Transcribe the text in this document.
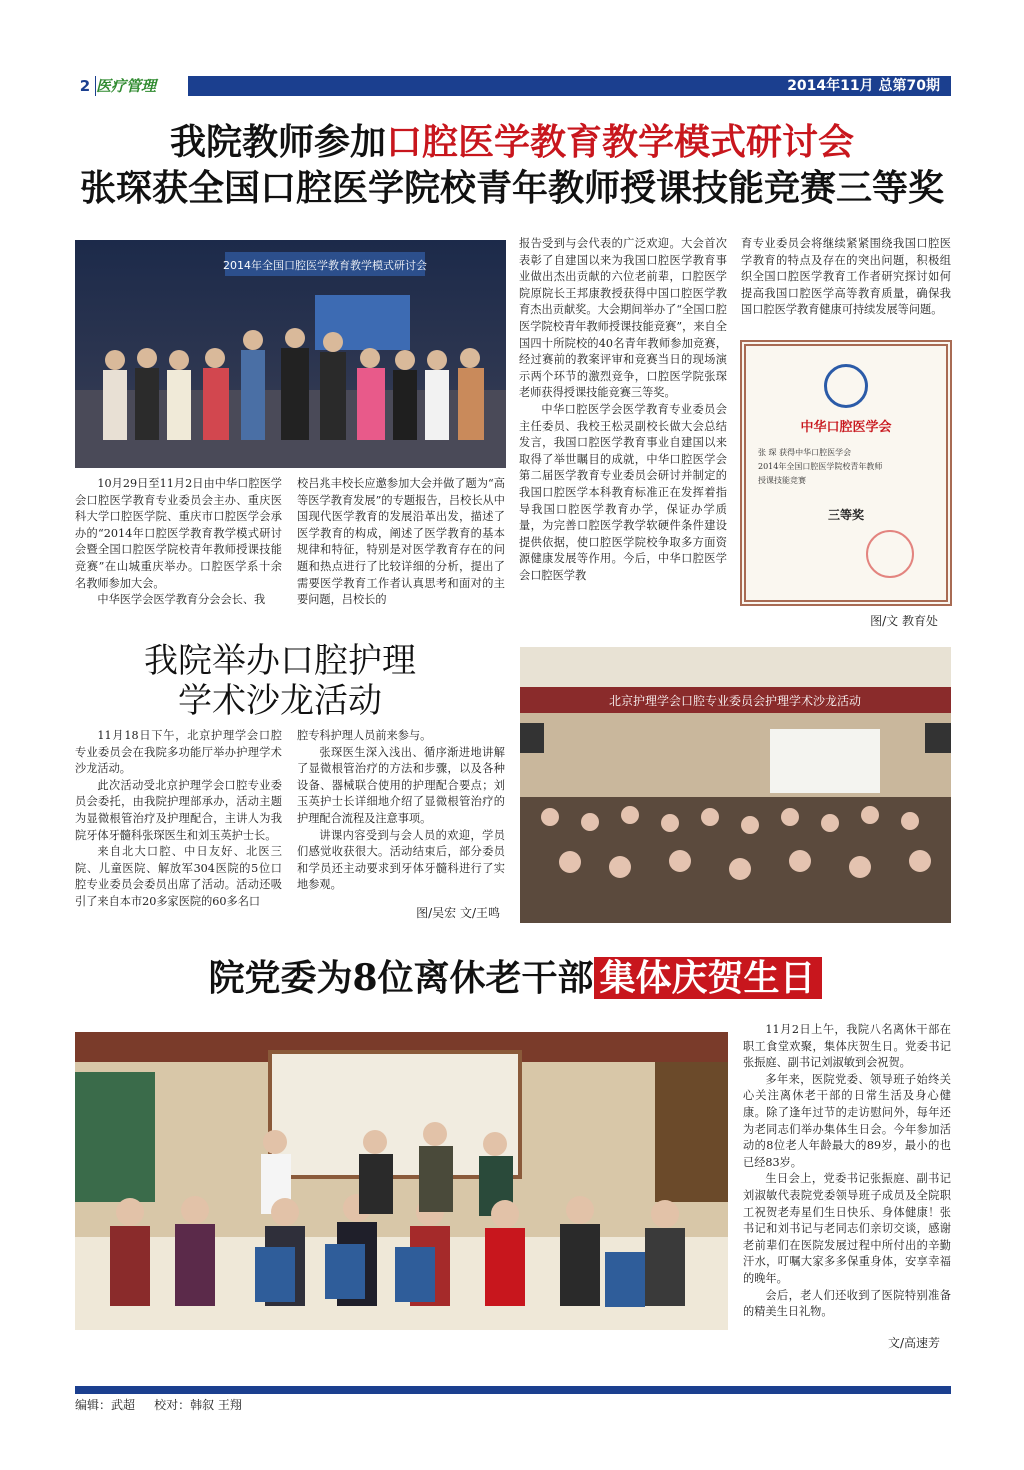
2 医疗管理	2014年11月 总第70期
我院教师参加口腔医学教育教学模式研讨会
张琛获全国口腔医学院校青年教师授课技能竞赛三等奖
2014年全国口腔医学教育教学模式研讨会

10月29日至11月2日由中华口腔医学会口腔医学教育专业委员会主办、重庆医科大学口腔医学院、重庆市口腔医学会承办的“2014年口腔医学教育教学模式研讨会暨全国口腔医学院校青年教师授课技能竞赛”在山城重庆举办。口腔医学系十余名教师参加大会。

中华医学会医学教育分会会长、我

校吕兆丰校长应邀参加大会并做了题为“高等医学教育发展”的专题报告，吕校长从中国现代医学教育的发展沿革出发，描述了医学教育的构成，阐述了医学教育的基本规律和特征，特别是对医学教育存在的问题和热点进行了比较详细的分析，提出了需要医学教育工作者认真思考和面对的主要问题，吕校长的

报告受到与会代表的广泛欢迎。大会首次表彰了自建国以来为我国口腔医学教育事业做出杰出贡献的六位老前辈，口腔医学院原院长王邦康教授获得中国口腔医学教育杰出贡献奖。大会期间举办了“全国口腔医学院校青年教师授课技能竞赛”，来自全国四十所院校的40名青年教师参加竞赛，经过赛前的教案评审和竞赛当日的现场演示两个环节的激烈竞争，口腔医学院张琛老师获得授课技能竞赛三等奖。

中华口腔医学会医学教育专业委员会主任委员、我校王松灵副校长做大会总结发言，我国口腔医学教育事业自建国以来取得了举世瞩目的成就，中华口腔医学会第二届医学教育专业委员会研讨并制定的我国口腔医学本科教育标准正在发挥着指导我国口腔医学教育办学，保证办学质量，为完善口腔医学教学软硬件条件建设提供依据，使口腔医学院校争取多方面资源健康发展等作用。今后，中华口腔医学会口腔医学教

育专业委员会将继续紧紧围绕我国口腔医学教育的特点及存在的突出问题，积极组织全国口腔医学教育工作者研究探讨如何提高我国口腔医学高等教育质量，确保我国口腔医学教育健康可持续发展等问题。

中华口腔医学会
张 琛 获得中华口腔医学会
2014年全国口腔医学院校青年教师
授课技能竞赛
三等奖
图/文 教育处
我院举办口腔护理
学术沙龙活动

11月18日下午，北京护理学会口腔专业委员会在我院多功能厅举办护理学术沙龙活动。

此次活动受北京护理学会口腔专业委员会委托，由我院护理部承办，活动主题为显微根管治疗及护理配合，主讲人为我院牙体牙髓科张琛医生和刘玉英护士长。

来自北大口腔、中日友好、北医三院、儿童医院、解放军304医院的5位口腔专业委员会委员出席了活动。活动还吸引了来自本市20多家医院的60多名口

腔专科护理人员前来参与。

张琛医生深入浅出、循序渐进地讲解了显微根管治疗的方法和步骤，以及各种设备、器械联合使用的护理配合要点；刘玉英护士长详细地介绍了显微根管治疗的护理配合流程及注意事项。

讲课内容受到与会人员的欢迎，学员们感觉收获很大。活动结束后，部分委员和学员还主动要求到牙体牙髓科进行了实地参观。

图/吴宏 文/王鸣
北京护理学会口腔专业委员会护理学术沙龙活动
院党委为8位离休老干部 集体庆贺生日

11月2日上午，我院八名离休干部在职工食堂欢聚，集体庆贺生日。党委书记张振庭、副书记刘淑敏到会祝贺。

多年来，医院党委、领导班子始终关心关注离休老干部的日常生活及身心健康。除了逢年过节的走访慰问外，每年还为老同志们举办集体生日会。今年参加活动的8位老人年龄最大的89岁，最小的也已经83岁。

生日会上，党委书记张振庭、副书记刘淑敏代表院党委领导班子成员及全院职工祝贺老寿星们生日快乐、身体健康！张书记和刘书记与老同志们亲切交谈，感谢老前辈们在医院发展过程中所付出的辛勤汗水，叮嘱大家多多保重身体，安享幸福的晚年。

会后，老人们还收到了医院特别准备的精美生日礼物。

文/高速芳
编辑：武超 校对：韩叙 王翔
